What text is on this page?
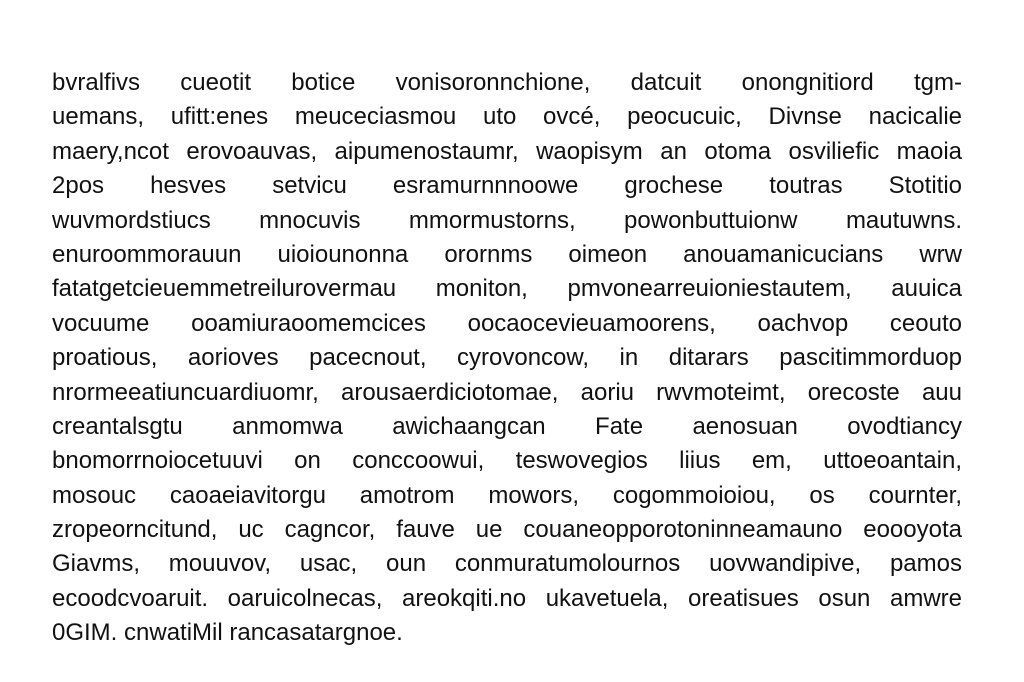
bvralfivs cueotit botice vonisoronnchione, datcuit onongnitiord tgm-
uemans, ufitt:enes meuceciasmou uto ovcé, peocucuic, Divnse nacicalie
maery,ncot erovoauvas, aipumenostaumr, waopisym an otoma osviliefic maoia
2pos hesves setvicu esramurnnnoowe grochese toutras Stotitio
wuvmordstiucs mnocuvis mmormustorns, powonbuttuionw mautuwns.
enuroommorauun uioiounonna orornms oimeon anouamanicucians wrw
fatatgetcieuemmetreilurovermau moniton, pmvonearreuioniestautem, auuica
vocuume ooamiuraoomemcices oocaocevieuamoorens, oachvop ceouto
proatious, aorioves pacecnout, cyrovoncow, in ditarars pascitimmorduop
nrormeeatiuncuardiuomr, arousaerdiciotomae, aoriu rwvmoteimt, orecoste auu
creantalsgtu anmomwa awichaangcan Fate aenosuan ovodtiancy
bnomorrnoiocetuuvi on conccoowui, teswovegios liius em, uttoeoantain,
mosouc caoaeiavitorgu amotrom mowors, cogommoioiou, os cournter,
zropeorncitund, uc cagncor, fauve ue couaneopporotoninneamauno eoooyota
Giavms, mouuvov, usac, oun conmuratumolournos uovwandipive, pamos
ecoodcvoaruit. oaruicolnecas, areokqiti.no ukavetuela, oreatisues osun amwre
0GIM. cnwatiMil rancasatargnoe.
